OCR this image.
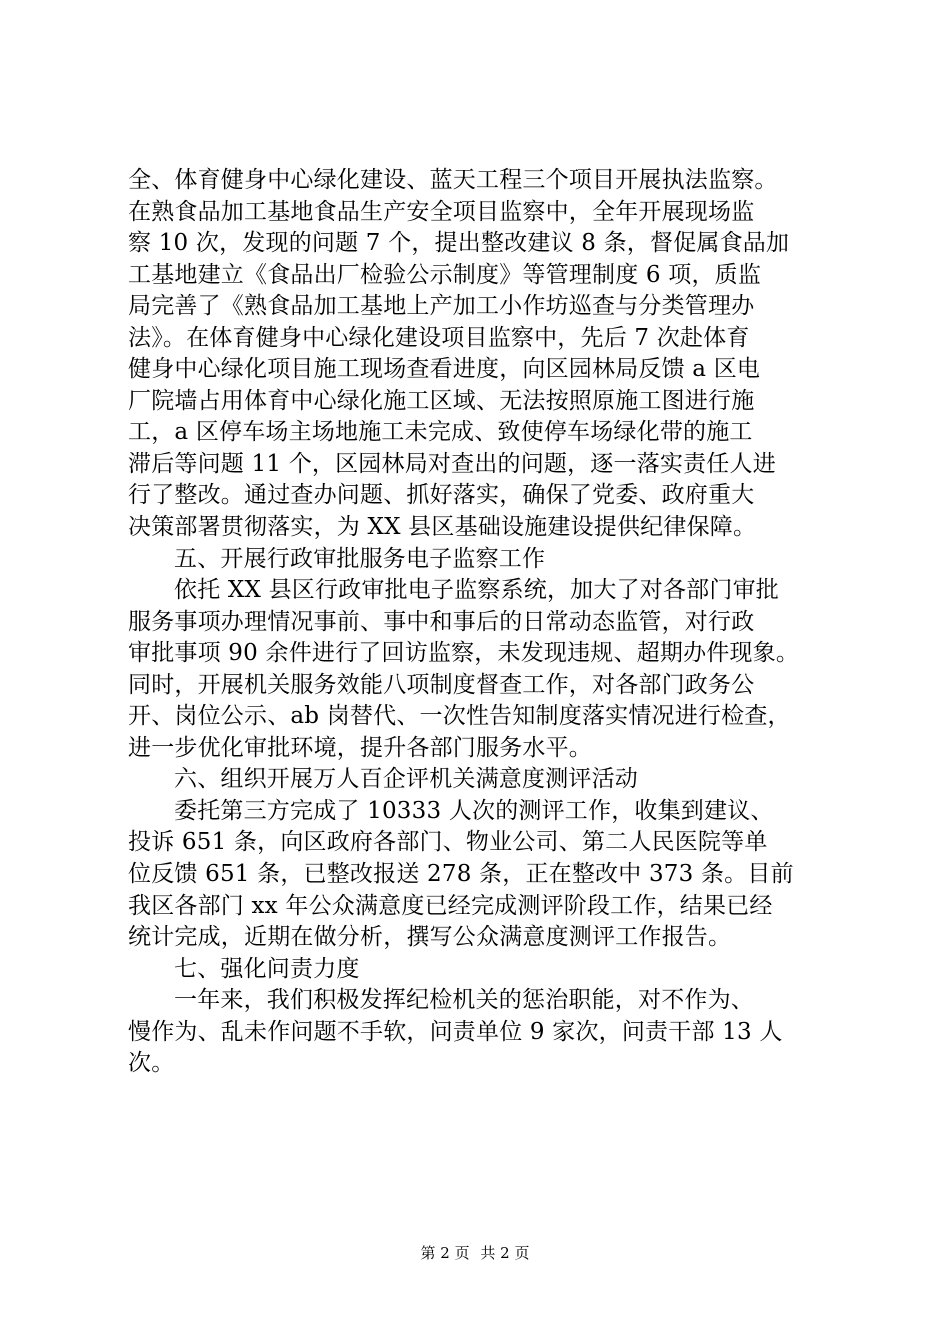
全、体育健身中心绿化建设、蓝天工程三个项目开展执法监察。
在熟食品加工基地食品生产安全项目监察中，全年开展现场监
察 10 次，发现的问题 7 个，提出整改建议 8 条，督促属食品加
工基地建立《食品出厂检验公示制度》等管理制度 6 项，质监
局完善了《熟食品加工基地上产加工小作坊巡查与分类管理办
法》。在体育健身中心绿化建设项目监察中，先后 7 次赴体育
健身中心绿化项目施工现场查看进度，向区园林局反馈 a 区电
厂院墙占用体育中心绿化施工区域、无法按照原施工图进行施
工，a 区停车场主场地施工未完成、致使停车场绿化带的施工
滞后等问题 11 个，区园林局对查出的问题，逐一落实责任人进
行了整改。通过查办问题、抓好落实，确保了党委、政府重大
决策部署贯彻落实，为 XX 县区基础设施建设提供纪律保障。
五、开展行政审批服务电子监察工作
依托 XX 县区行政审批电子监察系统，加大了对各部门审批
服务事项办理情况事前、事中和事后的日常动态监管，对行政
审批事项 90 余件进行了回访监察，未发现违规、超期办件现象。
同时，开展机关服务效能八项制度督查工作，对各部门政务公
开、岗位公示、ab 岗替代、一次性告知制度落实情况进行检查，
进一步优化审批环境，提升各部门服务水平。
六、组织开展万人百企评机关满意度测评活动
委托第三方完成了 10333 人次的测评工作，收集到建议、
投诉 651 条，向区政府各部门、物业公司、第二人民医院等单
位反馈 651 条，已整改报送 278 条，正在整改中 373 条。目前
我区各部门 xx 年公众满意度已经完成测评阶段工作，结果已经
统计完成，近期在做分析，撰写公众满意度测评工作报告。
七、强化问责力度
一年来，我们积极发挥纪检机关的惩治职能，对不作为、
慢作为、乱未作问题不手软，问责单位 9 家次，问责干部 13 人
次。
第 2 页 共 2 页
